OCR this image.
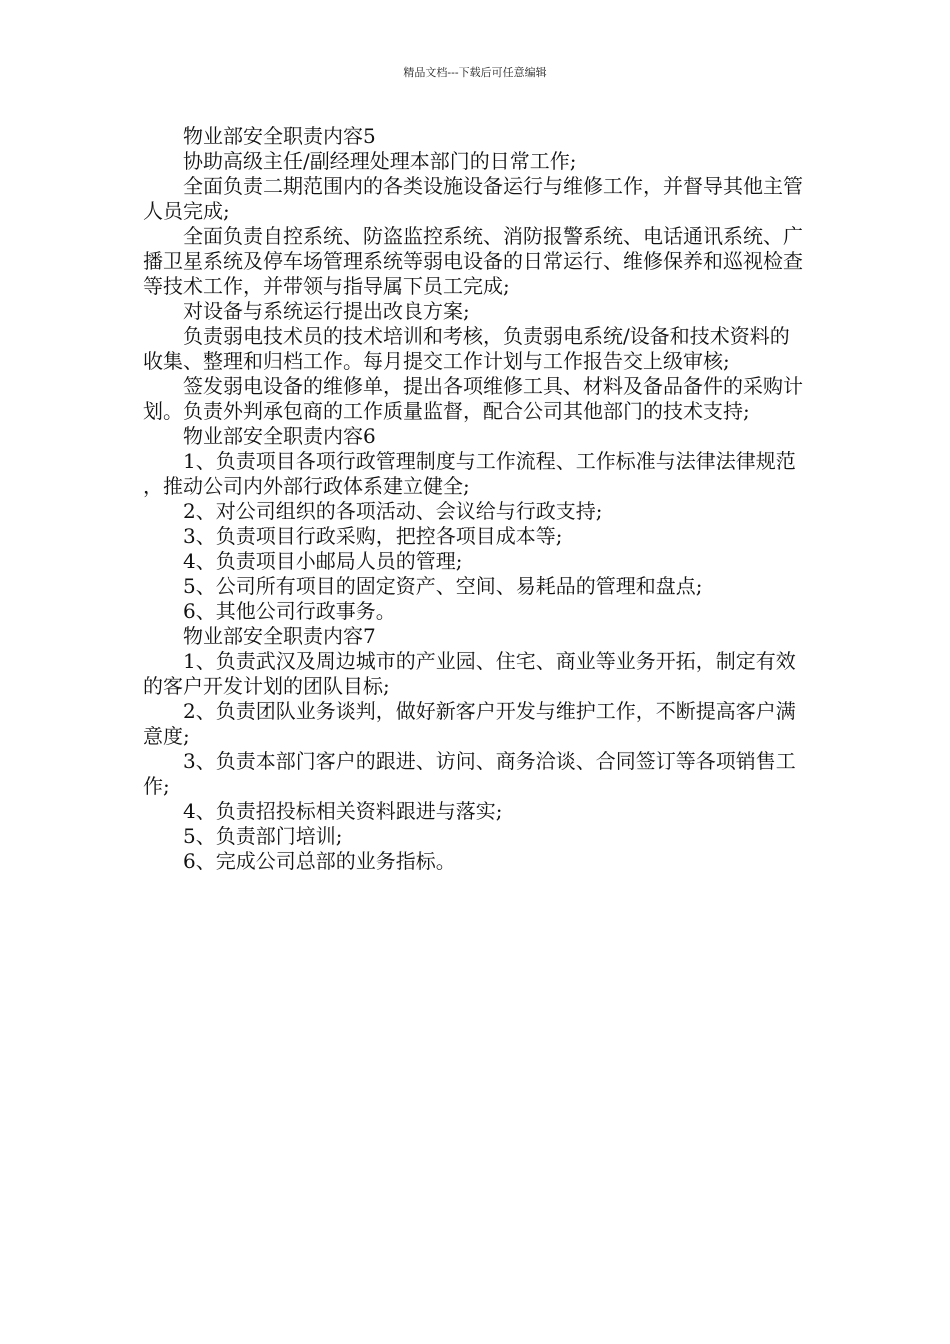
精品文档---下载后可任意编辑

物业部安全职责内容5

协助高级主任/副经理处理本部门的日常工作;

全面负责二期范围内的各类设施设备运行与维修工作，并督导其他主管人员完成;

全面负责自控系统、防盗监控系统、消防报警系统、电话通讯系统、广播卫星系统及停车场管理系统等弱电设备的日常运行、维修保养和巡视检查等技术工作，并带领与指导属下员工完成;

对设备与系统运行提出改良方案;

负责弱电技术员的技术培训和考核，负责弱电系统/设备和技术资料的收集、整理和归档工作。每月提交工作计划与工作报告交上级审核;

签发弱电设备的维修单，提出各项维修工具、材料及备品备件的采购计划。负责外判承包商的工作质量监督，配合公司其他部门的技术支持;

物业部安全职责内容6

1、负责项目各项行政管理制度与工作流程、工作标准与法律法律规范，推动公司内外部行政体系建立健全;

2、对公司组织的各项活动、会议给与行政支持;

3、负责项目行政采购，把控各项目成本等;

4、负责项目小邮局人员的管理;

5、公司所有项目的固定资产、空间、易耗品的管理和盘点;

6、其他公司行政事务。

物业部安全职责内容7

1、负责武汉及周边城市的产业园、住宅、商业等业务开拓，制定有效的客户开发计划的团队目标;

2、负责团队业务谈判，做好新客户开发与维护工作，不断提高客户满意度;

3、负责本部门客户的跟进、访问、商务洽谈、合同签订等各项销售工作;

4、负责招投标相关资料跟进与落实;

5、负责部门培训;

6、完成公司总部的业务指标。
